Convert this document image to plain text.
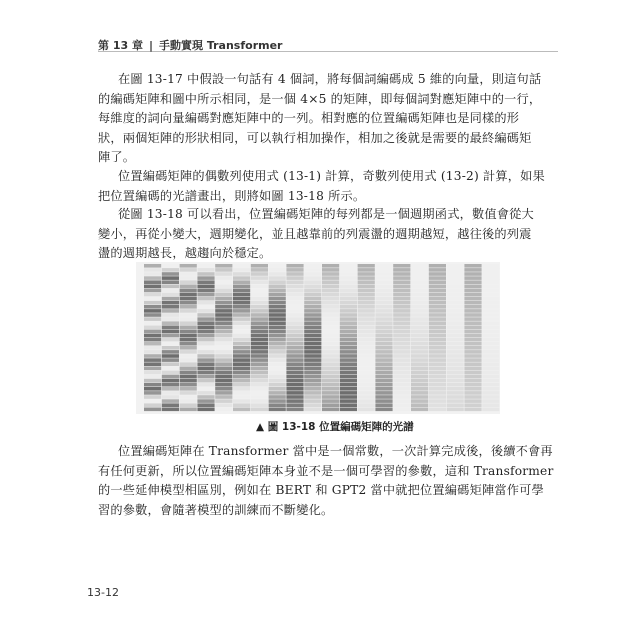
第 13 章 | 手動實現 Transformer
在圖 13-17 中假設一句話有 4 個詞，將每個詞編碼成 5 維的向量，則這句話
的編碼矩陣和圖中所示相同，是一個 4×5 的矩陣，即每個詞對應矩陣中的一行，
每維度的詞向量編碼對應矩陣中的一列。相對應的位置編碼矩陣也是同樣的形
狀，兩個矩陣的形狀相同，可以執行相加操作，相加之後就是需要的最終編碼矩
陣了。
位置編碼矩陣的偶數列使用式 (13-1) 計算，奇數列使用式 (13-2) 計算，如果
把位置編碼的光譜畫出，則將如圖 13-18 所示。
從圖 13-18 可以看出，位置編碼矩陣的每列都是一個週期函式，數值會從大
變小，再從小變大，週期變化，並且越靠前的列震盪的週期越短，越往後的列震
盪的週期越長，越趨向於穩定。
▲ 圖 13-18 位置編碼矩陣的光譜
位置編碼矩陣在 Transformer 當中是一個常數，一次計算完成後，後續不會再
有任何更新，所以位置編碼矩陣本身並不是一個可學習的參數，這和 Transformer
的一些延伸模型相區別，例如在 BERT 和 GPT2 當中就把位置編碼矩陣當作可學
習的參數，會隨著模型的訓練而不斷變化。
13-12
